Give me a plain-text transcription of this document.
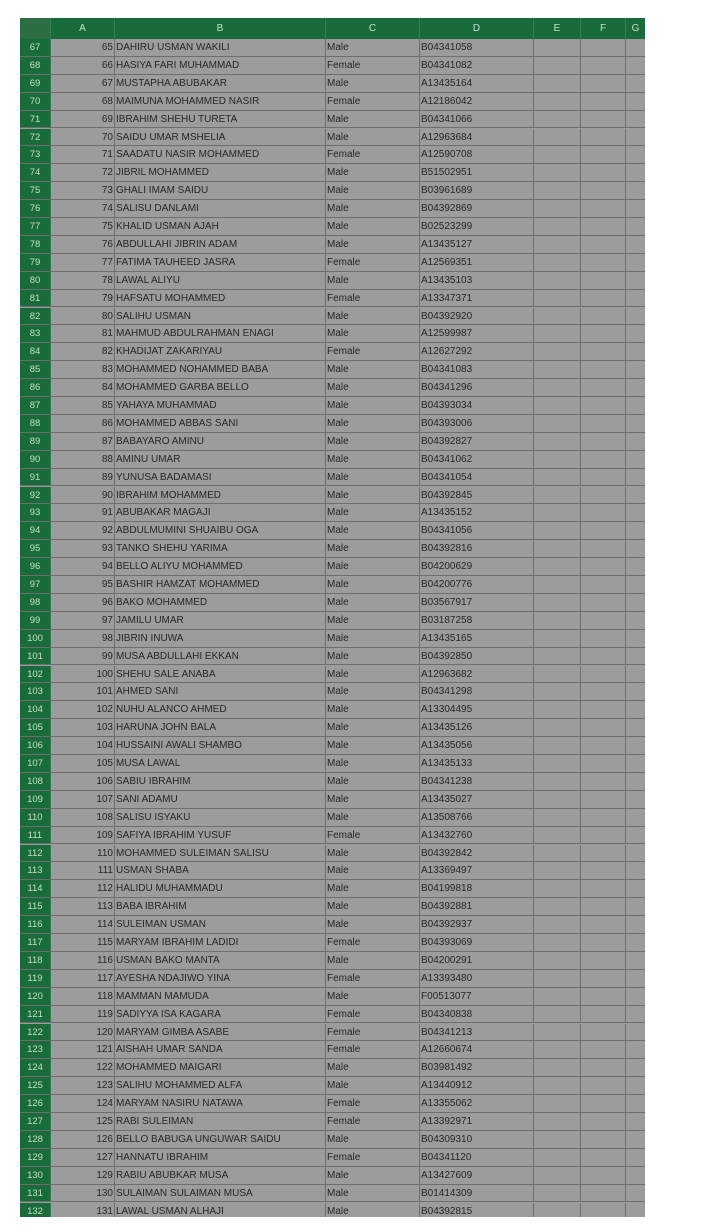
A	B	C	D	E	F	G
67	65 DAHIRU USMAN WAKILI	Male	B04341058
68	66 HASIYA FARI MUHAMMAD	Female	B04341082
69	67 MUSTAPHA ABUBAKAR	Male	A13435164
70	68 MAIMUNA MOHAMMED NASIR	Female	A12186042
71	69 IBRAHIM SHEHU TURETA	Male	B04341066
72	70 SAIDU UMAR MSHELIA	Male	A12963684
73	71 SAADATU NASIR MOHAMMED	Female	A12590708
74	72 JIBRIL MOHAMMED	Male	B51502951
75	73 GHALI IMAM SAIDU	Male	B03961689
76	74 SALISU DANLAMI	Male	B04392869
77	75 KHALID USMAN AJAH	Male	B02523299
78	76 ABDULLAHI JIBRIN ADAM	Male	A13435127
79	77 FATIMA TAUHEED JASRA	Female	A12569351
80	78 LAWAL ALIYU	Male	A13435103
81	79 HAFSATU MOHAMMED	Female	A13347371
82	80 SALIHU USMAN	Male	B04392920
83	81 MAHMUD ABDULRAHMAN ENAGI	Male	A12599987
84	82 KHADIJAT ZAKARIYAU	Female	A12627292
85	83 MOHAMMED NOHAMMED BABA	Male	B04341083
86	84 MOHAMMED GARBA BELLO	Male	B04341296
87	85 YAHAYA MUHAMMAD	Male	B04393034
88	86 MOHAMMED ABBAS SANI	Male	B04393006
89	87 BABAYARO AMINU	Male	B04392827
90	88 AMINU UMAR	Male	B04341062
91	89 YUNUSA BADAMASI	Male	B04341054
92	90 IBRAHIM MOHAMMED	Male	B04392845
93	91 ABUBAKAR MAGAJI	Male	A13435152
94	92 ABDULMUMINI SHUAIBU OGA	Male	B04341056
95	93 TANKO SHEHU YARIMA	Male	B04392816
96	94 BELLO ALIYU MOHAMMED	Male	B04200629
97	95 BASHIR HAMZAT MOHAMMED	Male	B04200776
98	96 BAKO MOHAMMED	Male	B03567917
99	97 JAMILU UMAR	Male	B03187258
100	98 JIBRIN INUWA	Male	A13435165
101	99 MUSA ABDULLAHI EKKAN	Male	B04392850
102	100 SHEHU SALE ANABA	Male	A12963682
103	101 AHMED SANI	Male	B04341298
104	102 NUHU ALANCO AHMED	Male	A13304495
105	103 HARUNA JOHN BALA	Male	A13435126
106	104 HUSSAINI AWALI SHAMBO	Male	A13435056
107	105 MUSA LAWAL	Male	A13435133
108	106 SABIU IBRAHIM	Male	B04341238
109	107 SANI ADAMU	Male	A13435027
110	108 SALISU ISYAKU	Male	A13508766
111	109 SAFIYA IBRAHIM YUSUF	Female	A13432760
112	110 MOHAMMED SULEIMAN SALISU	Male	B04392842
113	111 USMAN SHABA	Male	A13369497
114	112 HALIDU MUHAMMADU	Male	B04199818
115	113 BABA IBRAHIM	Male	B04392881
116	114 SULEIMAN USMAN	Male	B04392937
117	115 MARYAM IBRAHIM LADIDI	Female	B04393069
118	116 USMAN BAKO MANTA	Male	B04200291
119	117 AYESHA NDAJIWO YINA	Female	A13393480
120	118 MAMMAN MAMUDA	Male	F00513077
121	119 SADIYYA ISA KAGARA	Female	B04340838
122	120 MARYAM GIMBA ASABE	Female	B04341213
123	121 AISHAH UMAR SANDA	Female	A12660674
124	122 MOHAMMED MAIGARI	Male	B03981492
125	123 SALIHU MOHAMMED ALFA	Male	A13440912
126	124 MARYAM NASIRU NATAWA	Female	A13355062
127	125 RABI SULEIMAN	Female	A13392971
128	126 BELLO BABUGA UNGUWAR SAIDU	Male	B04309310
129	127 HANNATU IBRAHIM	Female	B04341120
130	129 RABIU ABUBKAR MUSA	Male	A13427609
131	130 SULAIMAN SULAIMAN MUSA	Male	B01414309
132	131 LAWAL USMAN ALHAJI	Male	B04392815
